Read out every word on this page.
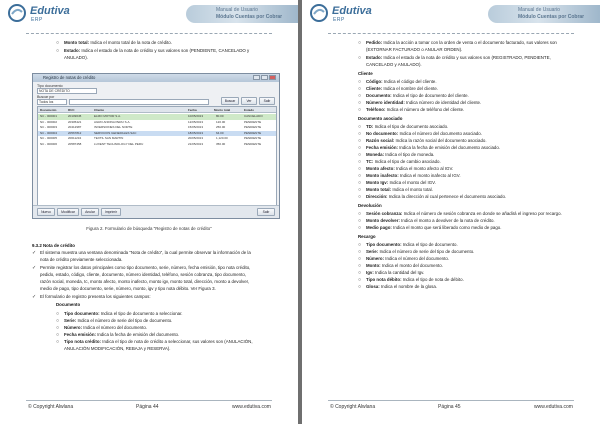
Edutiva
ERP
Manual de Usuario
Módulo Cuentas por Cobrar
○ Monto total: Indica el monto total de la nota de crédito.
○ Estado: Indica el estado de la nota de crédito y sus valores son (PENDIENTE, CANCELADO y
ANULADO).
Registro de notas de crédito
Tipo documento
NOTA DE CRÉDITO
Buscar por
Todos los	Buscar	Ver	Salir
Documento	RUC	Cliente	Fecha	Monto total	Estado
NC - 000001	20109645	ELMO MOTOR S.A.	10/05/2013	80.00	CANCELADO
NC - 000002	20305421	AGRO ANDINA PERU S.A.	12/05/2013	120.00	PENDIENTE
NC - 000003	20412987	INVERSIONES DEL NORTE	15/05/2013	250.00	PENDIENTE
NC - 000004	20567812	SERVICIOS GENERALES SAC	18/05/2013	64.00	PENDIENTE
NC - 000005	20611234	TEXTIL SAN MARTIN	20/05/2013	1,120.00	PENDIENTE
NC - 000006	20587458	LUXENT TECHNOLOGY DEL PERU	21/05/2013	350.00	PENDIENTE
Nuevo	Modificar	Anular	Imprimir	Salir
Figura 2. Formulario de búsqueda "Registro de notas de crédito"
9.3.2 Nota de crédito
✓ El sistema muestra una ventana denominada "Nota de crédito", la cual permite observar la información de la
nota de crédito previamente seleccionada.
✓ Permite registrar los datos principales como tipo documento, serie, número, fecha emisión, tipo nota crédito,
pedido, estado, código, cliente, documento, número identidad, teléfono, sesión cobranza, tipo documento,
razón social, moneda, tc, monto afecto, monto inafecto, monto igv, monto total, dirección, monto a devolver,
medio de pago, tipo documento, serie, número, monto, igv y tipo nota débito. Ver Figura 3.
✓ El formulario de registro presenta los siguientes campos:
Documento
○ Tipo documento: Indica el tipo de documento a seleccionar.
○ Serie: Indica el número de serie del tipo de documento.
○ Número: Indica el número del documento.
○ Fecha emisión: Indica la fecha de emisión del documento.
○ Tipo nota crédito: Indica el tipo de nota de crédito a seleccionar, sus valores son (ANULACIÓN,
ANULACIÓN MODIFICACIÓN, REBAJA y RESERVA).
© Copyright Alwlana	Página 44	www.edutiva.com
Edutiva
ERP
Manual de Usuario
Módulo Cuentas por Cobrar
○ Pedido: Indica la acción a tomar con la orden de venta o el documento facturado, sus valores son
(EXTORNAR FACTURADO o ANULAR ORDEN).
○ Estado: Indica el estado de la nota de crédito y sus valores son (REGISTRADO, PENDIENTE,
CANCELADO y ANULADO).
Cliente
○ Código: Indica el código del cliente.
○ Cliente: Indica el nombre del cliente.
○ Documento: Indica el tipo de documento del cliente.
○ Número identidad: Indica número de identidad del cliente.
○ Teléfono: Indica el número de teléfono del cliente.
Documento asociado
○ TD: Indica el tipo de documento asociado.
○ No documento: Indica el número del documento asociado.
○ Razón social: Indica la razón social del documento asociado.
○ Fecha emisión: Indica la fecha de emisión del documento asociado.
○ Moneda: Indica el tipo de moneda.
○ TC: Indica el tipo de cambio asociado.
○ Monto afecto: Indica el monto afecto al IGV.
○ Monto inafecto: Indica el monto inafecto al IGV.
○ Monto Igv: Indica el monto del IGV.
○ Monto total: Indica el monto total.
○ Dirección: Indica la dirección al cual pertenece el documento asociado.
Devolución
○ Sesión cobranza: Indica el número de sesión cobranza en donde se añadirá el ingreso por recargo.
○ Monto devolver: Indica el monto a devolver de la nota de crédito.
○ Medio pago: Indica el monto que será liberado como medio de pago.
Recargo
○ Tipo documento: Indica el tipo de documento.
○ Serie: Indica el número de serie del tipo de documento.
○ Número: Indica el número del documento.
○ Monto: Indica el monto del documento.
○ Igv: Indica la cantidad del Igv.
○ Tipo nota débito: Indica el tipo de nota de débito.
○ Glosa: Indica el nombre de la glosa.
© Copyright Alwlana	Página 45	www.edutiva.com
